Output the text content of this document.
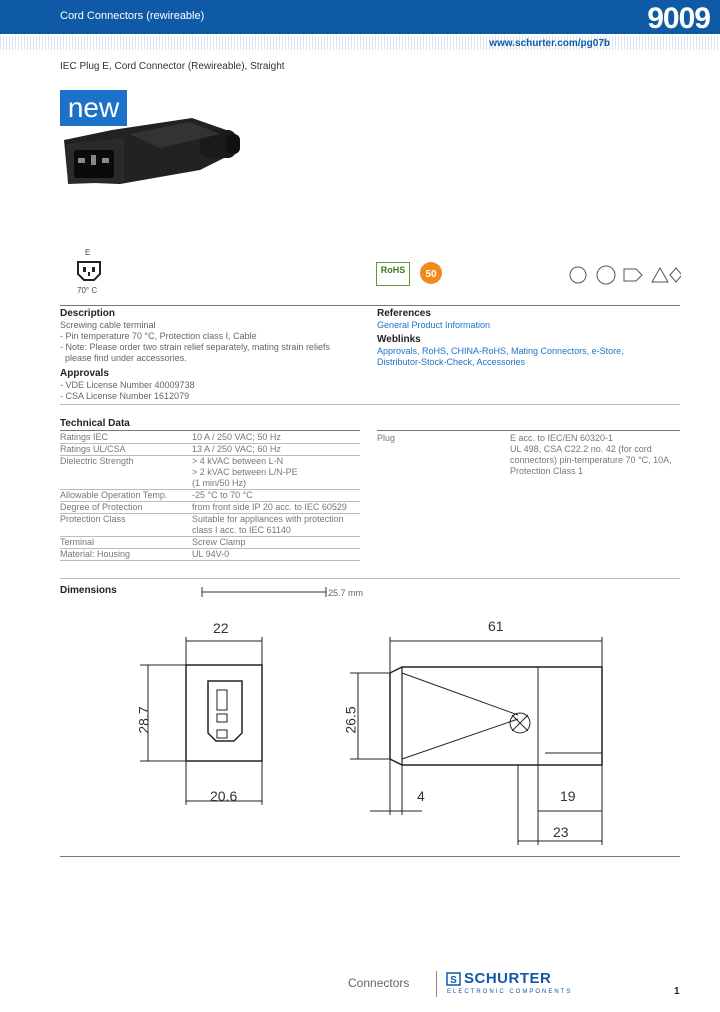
Cord Connectors (rewireable)	9009
www.schurter.com/pg07b
IEC Plug E, Cord Connector (Rewireable), Straight
new
E
70° C
RoHS	50
Description
Screwing cable terminal
- Pin temperature 70 °C, Protection class I, Cable
- Note: Please order two strain relief separately, mating strain reliefs
please find under accessories.
Approvals
- VDE License Number 40009738
- CSA License Number 1612079
References
General Product Information
Weblinks
Approvals, RoHS, CHINA-RoHS, Mating Connectors, e-Store,
Distributor-Stock-Check, Accessories
Technical Data
Ratings IEC	10 A / 250 VAC; 50 Hz
Ratings UL/CSA	13 A / 250 VAC; 60 Hz
Dielectric Strength	> 4 kVAC between L-N
> 2 kVAC between L/N-PE
(1 min/50 Hz)
Allowable Operation Temp.	-25 °C to 70 °C
Degree of Protection	from front side IP 20 acc. to IEC 60529
Protection Class	Suitable for appliances with protection
class I acc. to IEC 61140
Terminal	Screw Clamp
Material: Housing	UL 94V-0
Plug	E acc. to IEC/EN 60320-1
UL 498, CSA C22.2 no. 42 (for cord
connectors) pin-temperature 70 °C, 10A,
Protection Class 1
Dimensions	25.7 mm
22
28.7
20.6
61
26.5
4	19
23
Connectors	S SCHURTER
ELECTRONIC COMPONENTS	1
